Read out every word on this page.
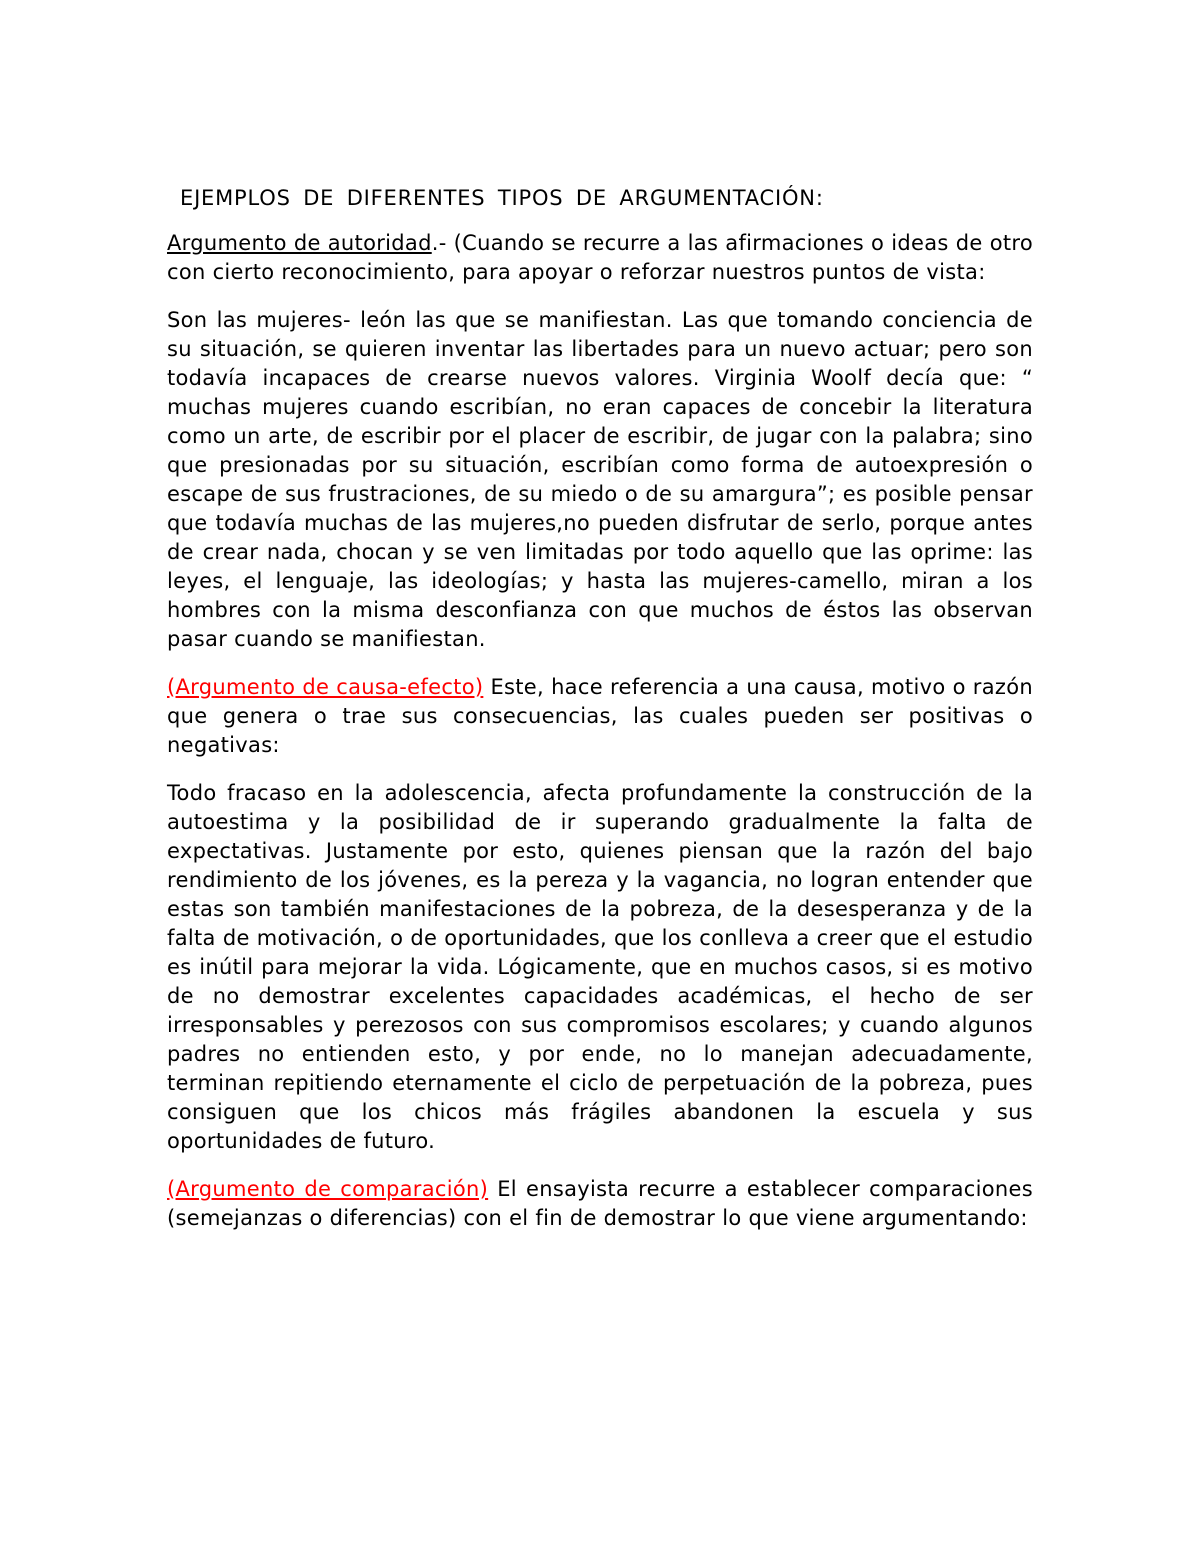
EJEMPLOS DE DIFERENTES TIPOS DE ARGUMENTACIÓN:

Argumento de autoridad.- (Cuando se recurre a las afirmaciones o ideas de otro con cierto reconocimiento, para apoyar o reforzar nuestros puntos de vista:

Son las mujeres- león las que se manifiestan. Las que tomando conciencia de su situación, se quieren inventar las libertades para un nuevo actuar; pero son todavía incapaces de crearse nuevos valores. Virginia Woolf decía que: “ muchas mujeres cuando escribían, no eran capaces de concebir la literatura como un arte, de escribir por el placer de escribir, de jugar con la palabra; sino que presionadas por su situación, escribían como forma de autoexpresión o escape de sus frustraciones, de su miedo o de su amargura”; es posible pensar que todavía muchas de las mujeres,no pueden disfrutar de serlo, porque antes de crear nada, chocan y se ven limitadas por todo aquello que las oprime: las leyes, el lenguaje, las ideologías; y hasta las mujeres-camello, miran a los hombres con la misma desconfianza con que muchos de éstos las observan pasar cuando se manifiestan.

(Argumento de causa-efecto) Este, hace referencia a una causa, motivo o razón que genera o trae sus consecuencias, las cuales pueden ser positivas o negativas:

Todo fracaso en la adolescencia, afecta profundamente la construcción de la autoestima y la posibilidad de ir superando gradualmente la falta de expectativas. Justamente por esto, quienes piensan que la razón del bajo rendimiento de los jóvenes, es la pereza y la vagancia, no logran entender que estas son también manifestaciones de la pobreza, de la desesperanza y de la falta de motivación, o de oportunidades, que los conlleva a creer que el estudio es inútil para mejorar la vida. Lógicamente, que en muchos casos, si es motivo de no demostrar excelentes capacidades académicas, el hecho de ser irresponsables y perezosos con sus compromisos escolares; y cuando algunos padres no entienden esto, y por ende, no lo manejan adecuadamente, terminan repitiendo eternamente el ciclo de perpetuación de la pobreza, pues consiguen que los chicos más frágiles abandonen la escuela y sus oportunidades de futuro.

(Argumento de comparación) El ensayista recurre a establecer comparaciones (semejanzas o diferencias) con el fin de demostrar lo que viene argumentando:
